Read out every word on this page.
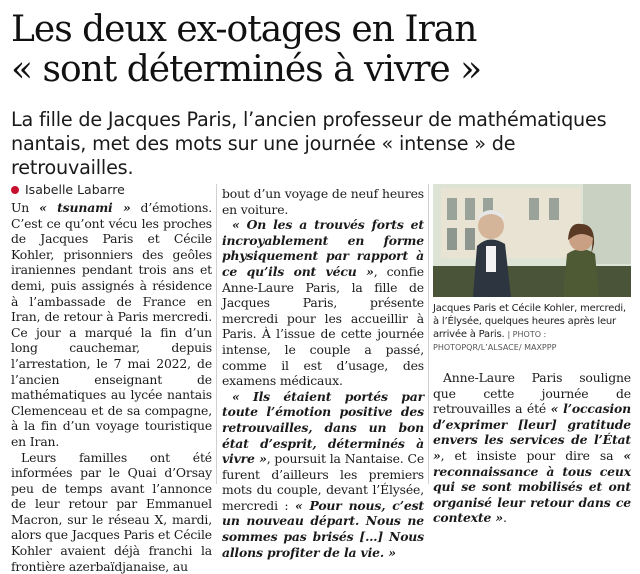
Les deux ex-otages en Iran
« sont déterminés à vivre »

La fille de Jacques Paris, l’ancien professeur de mathématiques nantais, met des mots sur une journée « intense » de retrouvailles.

Isabelle Labarre

Un « tsunami » d’émotions. C’est ce qu’ont vécu les proches de Jacques Paris et Cécile Kohler, prisonniers des geôles iraniennes pendant trois ans et demi, puis assignés à résidence à l’ambassade de France en Iran, de retour à Paris mercredi. Ce jour a marqué la fin d’un long cauchemar, depuis l’arrestation, le 7 mai 2022, de l’ancien enseignant de mathématiques au lycée nantais Clemenceau et de sa compagne, à la fin d’un voyage touristique en Iran.

Leurs familles ont été informées par le Quai d’Orsay peu de temps avant l’annonce de leur retour par Emmanuel Macron, sur le réseau X, mardi, alors que Jacques Paris et Cécile Kohler avaient déjà franchi la frontière azerbaïdjanaise, au

bout d’un voyage de neuf heures en voiture.

« On les a trouvés forts et incroyablement en forme physiquement par rapport à ce qu’ils ont vécu », confie Anne-Laure Paris, la fille de Jacques Paris, présente mercredi pour les accueillir à Paris. À l’issue de cette journée intense, le couple a passé, comme il est d’usage, des examens médicaux.

« Ils étaient portés par toute l’émotion positive des retrouvailles, dans un bon état d’esprit, déterminés à vivre », poursuit la Nantaise. Ce furent d’ailleurs les premiers mots du couple, devant l’Élysée, mercredi : « Pour nous, c’est un nouveau départ. Nous ne sommes pas brisés […] Nous allons profiter de la vie. »

Jacques Paris et Cécile Kohler, mercredi, à l’Élysée, quelques heures après leur arrivée à Paris. | PHOTO : PHOTOPQR/L’ALSACE/ MAXPPP

Anne-Laure Paris souligne que cette journée de retrouvailles a été « l’occasion d’exprimer [leur] gratitude envers les services de l’État », et insiste pour dire sa « reconnaissance à tous ceux qui se sont mobilisés et ont organisé leur retour dans ce contexte ».
